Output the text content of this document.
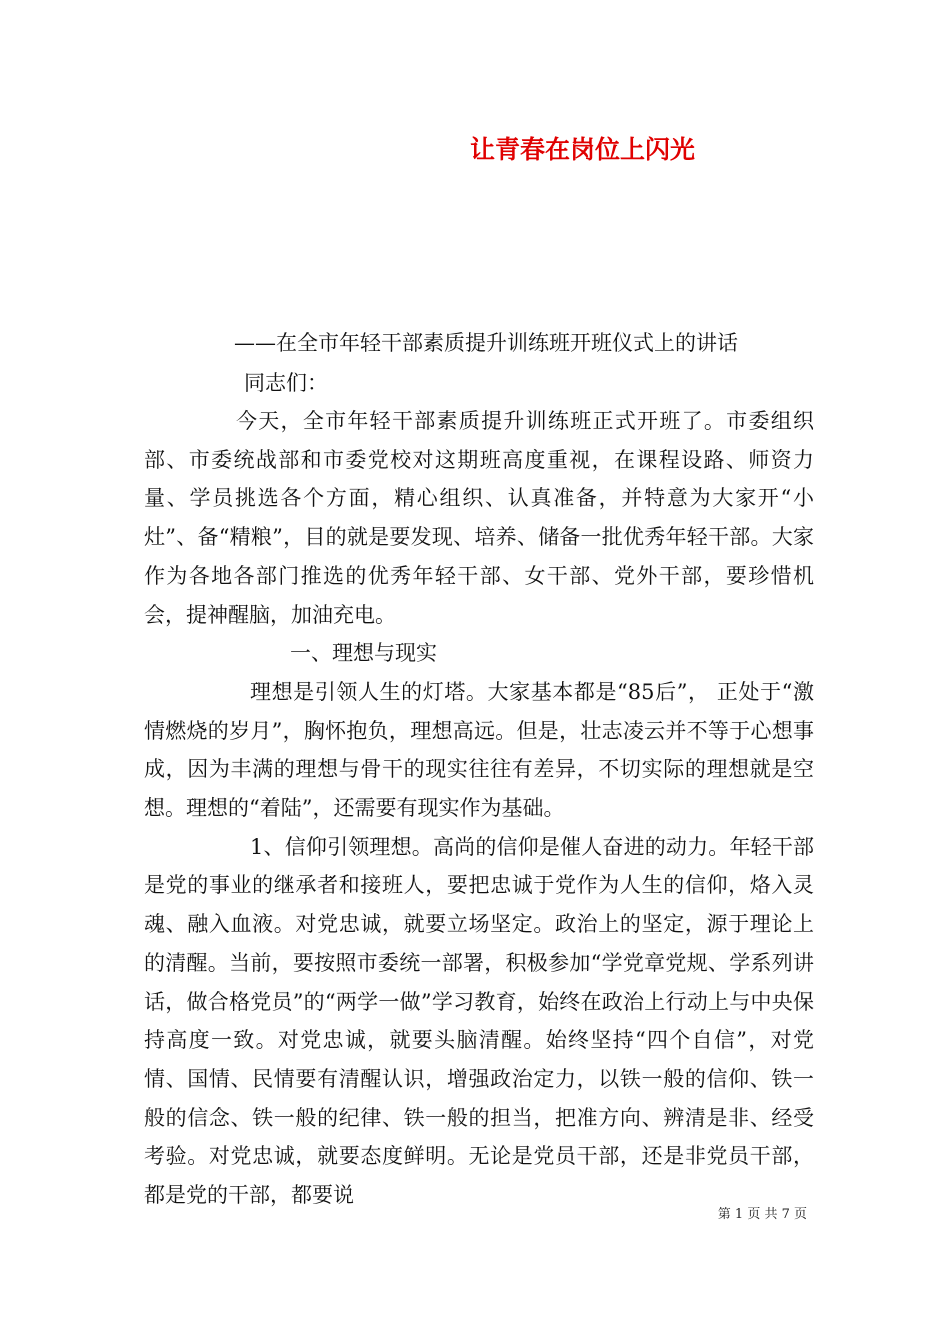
让青春在岗位上闪光
——在全市年轻干部素质提升训练班开班仪式上的讲话
同志们：

今天，全市年轻干部素质提升训练班正式开班了。市委组织部、市委统战部和市委党校对这期班高度重视，在课程设路、师资力量、学员挑选各个方面，精心组织、认真准备，并特意为大家开“小灶”、备“精粮”，目的就是要发现、培养、储备一批优秀年轻干部。大家作为各地各部门推选的优秀年轻干部、女干部、党外干部，要珍惜机会，提神醒脑，加油充电。

一、理想与现实

理想是引领人生的灯塔。大家基本都是“85后”， 正处于“激情燃烧的岁月”，胸怀抱负，理想高远。但是，壮志凌云并不等于心想事成，因为丰满的理想与骨干的现实往往有差异，不切实际的理想就是空想。理想的“着陆”，还需要有现实作为基础。

1、信仰引领理想。高尚的信仰是催人奋进的动力。年轻干部是党的事业的继承者和接班人，要把忠诚于党作为人生的信仰，烙入灵魂、融入血液。对党忠诚，就要立场坚定。政治上的坚定，源于理论上的清醒。当前，要按照市委统一部署，积极参加“学党章党规、学系列讲话，做合格党员”的“两学一做”学习教育，始终在政治上行动上与中央保持高度一致。对党忠诚，就要头脑清醒。始终坚持“四个自信”，对党情、国情、民情要有清醒认识，增强政治定力，以铁一般的信仰、铁一般的信念、铁一般的纪律、铁一般的担当，把准方向、辨清是非、经受考验。对党忠诚，就要态度鲜明。无论是党员干部，还是非党员干部，都是党的干部，都要说

第 1 页 共 7 页
